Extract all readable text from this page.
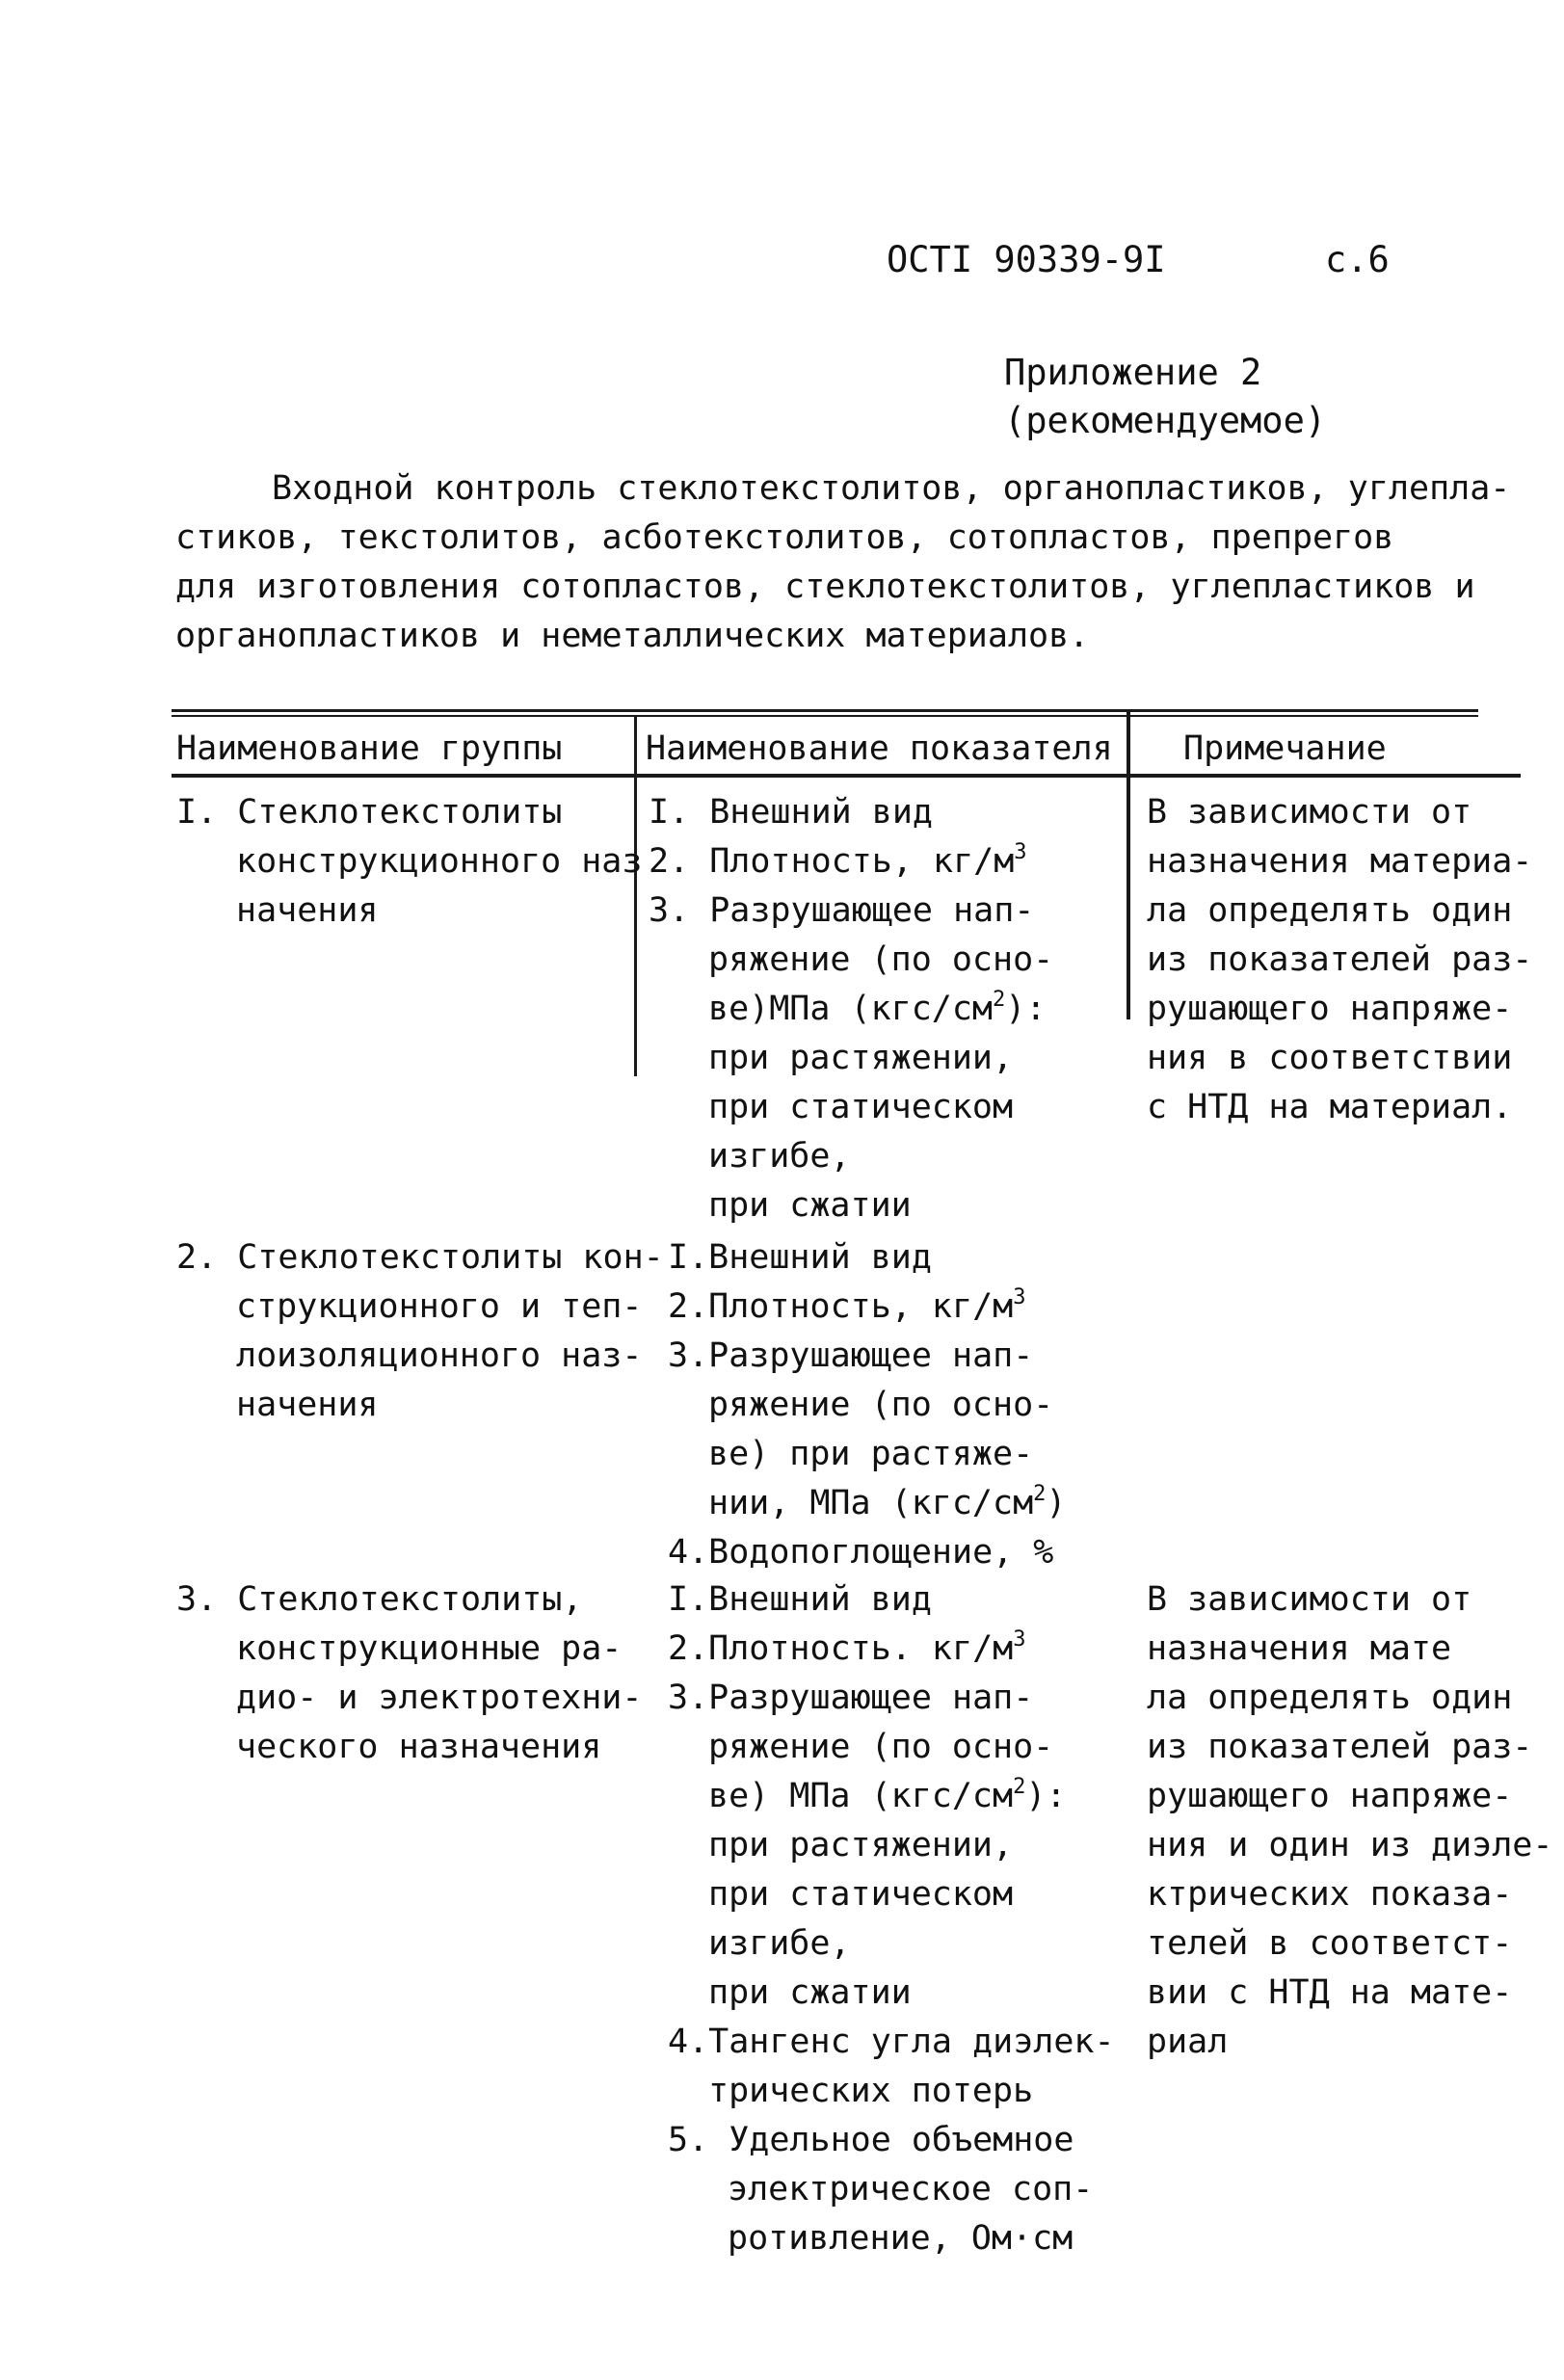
ОСТI 90339-9I	с.6
Приложение 2
(рекомендуемое)
Входной контроль стеклотекстолитов, органопластиков, углепла-
стиков, текстолитов, асботекстолитов, сотопластов, препрегов
для изготовления сотопластов, стеклотекстолитов, углепластиков и
органопластиков и неметаллических материалов.
Наименование группы Наименование показателя Примечание
I. Стеклотекстолиты
конструкционного наз
начения
I. Внешний вид
2. Плотность, $кг/м^3$
3. Разрушающее нап-
ряжение (по осно-
ве)МПа $(кгс/см^2)$:
при растяжении,
при статическом
изгибе,
при сжатии
В зависимости от
назначения материа-
ла определять один
из показателей раз-
рушающего напряже-
ния в соответствии
с НТД на материал.
2. Стеклотекстолиты кон-
струкционного и теп-
лоизоляционного наз-
начения
I.Внешний вид
2.Плотность, $кг/м^3$
3.Разрушающее нап-
ряжение (по осно-
ве) при растяже-
нии, МПа $(кгс/см^2)$
4.Водопоглощение, %
3. Стеклотекстолиты,
конструкционные ра-
дио- и электротехни-
ческого назначения
I.Внешний вид
2.Плотность. $кг/м^3$
3.Разрушающее нап-
ряжение (по осно-
ве) МПа $(кгс/см^2)$:
при растяжении,
при статическом
изгибе,
при сжатии
4.Тангенс угла диэлек-
трических потерь
5. Удельное объемное
электрическое соп-
ротивление, Ом·см
В зависимости от
назначения мате
ла определять один
из показателей раз-
рушающего напряже-
ния и один из диэле-
ктрических показа-
телей в соответст-
вии с НТД на мате-
риал
